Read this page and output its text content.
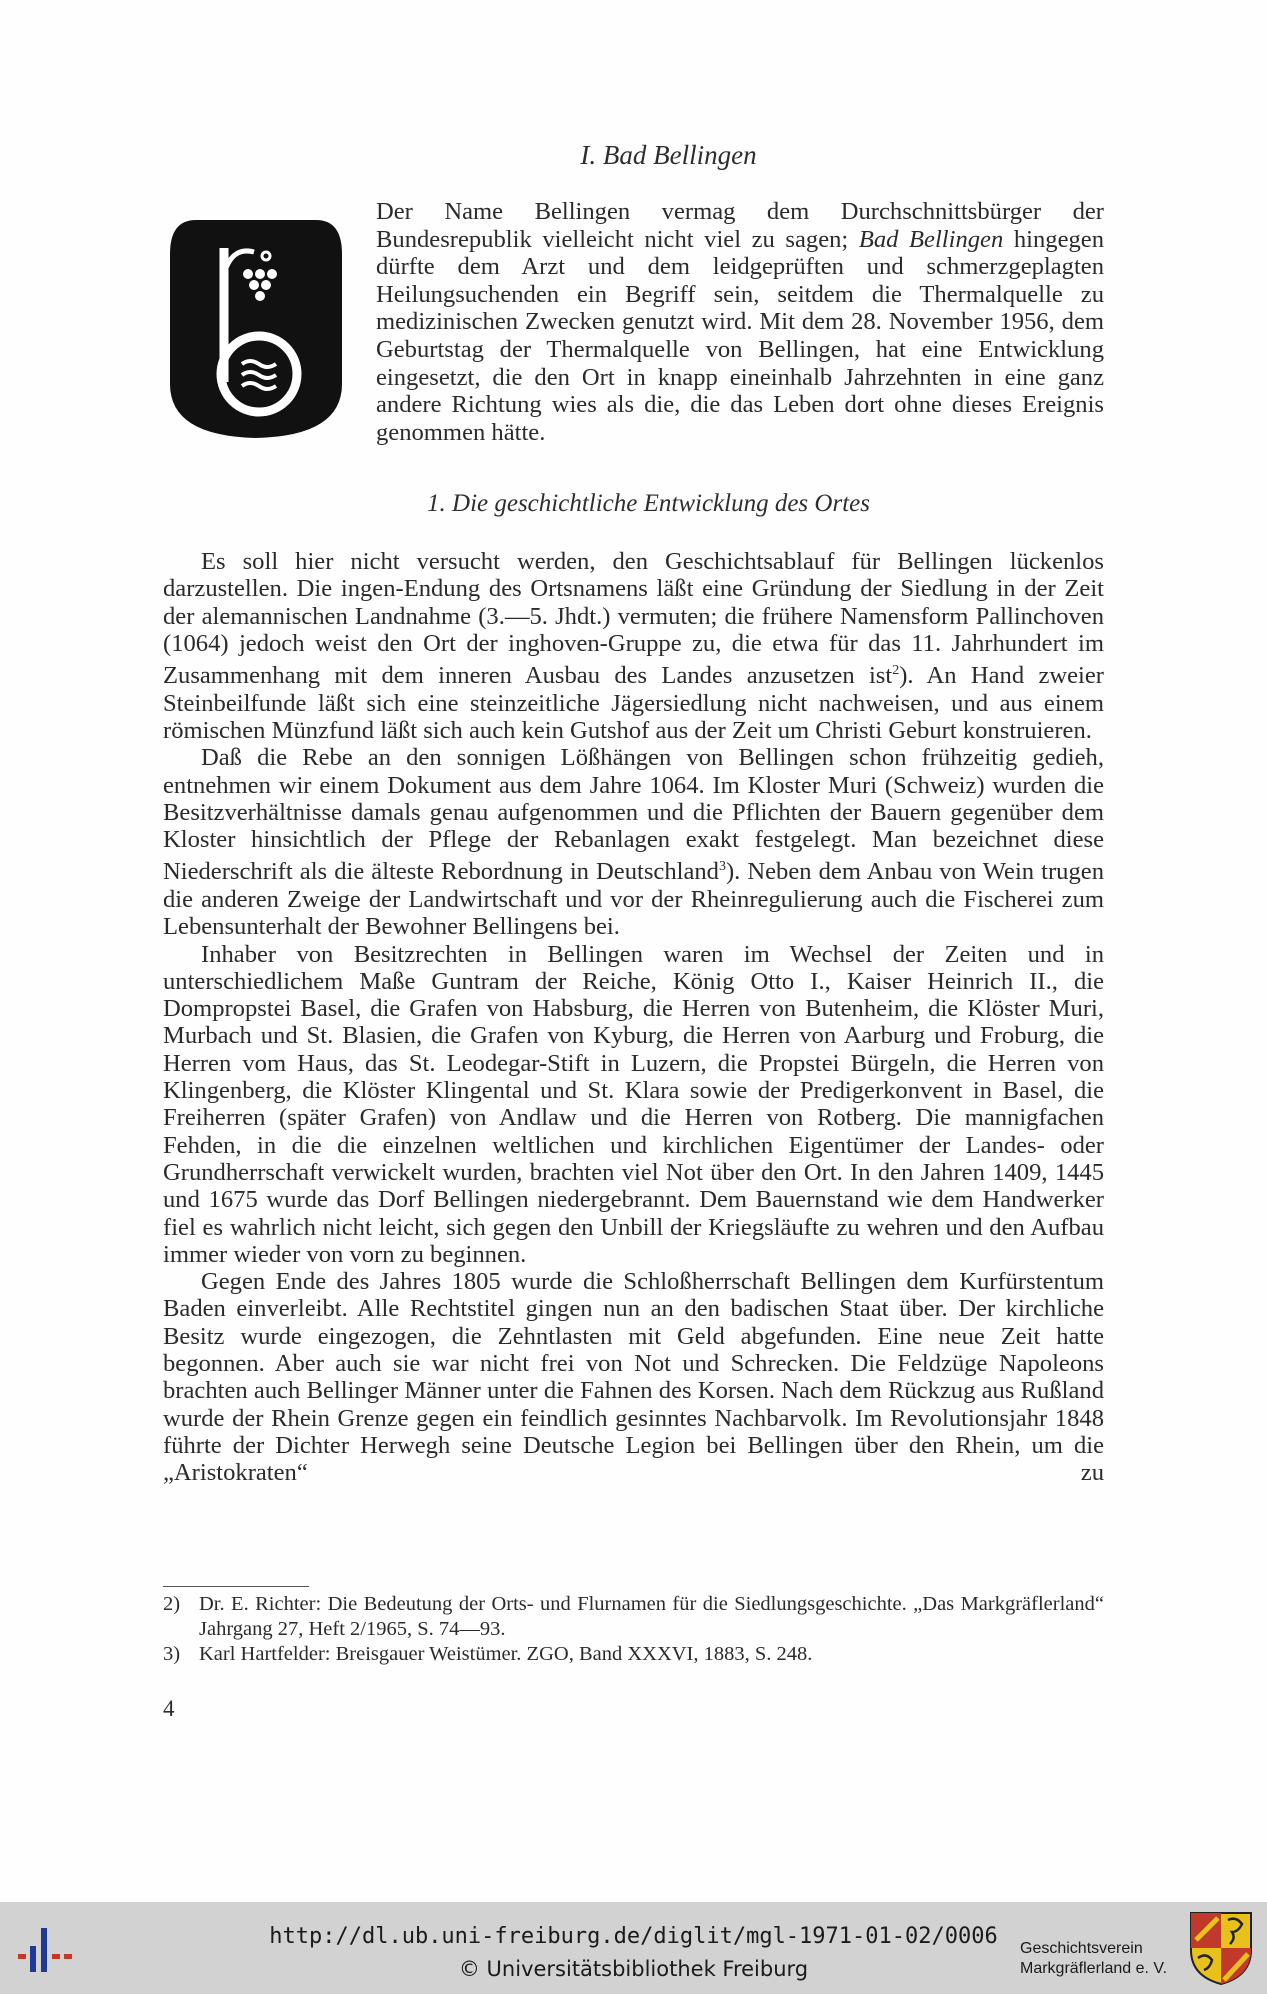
I. Bad Bellingen
Der Name Bellingen vermag dem Durchschnittsbürger der Bundesrepublik vielleicht nicht viel zu sagen; Bad Bellingen hingegen dürfte dem Arzt und dem leidgeprüften und schmerzgeplagten Heilungsuchenden ein Begriff sein, seitdem die Thermalquelle zu medizinischen Zwecken genutzt wird. Mit dem 28. November 1956, dem Geburtstag der Thermalquelle von Bellingen, hat eine Entwicklung eingesetzt, die den Ort in knapp eineinhalb Jahrzehnten in eine ganz andere Richtung wies als die, die das Leben dort ohne dieses Ereignis genommen hätte.
1. Die geschichtliche Entwicklung des Ortes

Es soll hier nicht versucht werden, den Geschichtsablauf für Bellingen lückenlos darzustellen. Die ingen-Endung des Ortsnamens läßt eine Gründung der Siedlung in der Zeit der alemannischen Landnahme (3.—5. Jhdt.) vermuten; die frühere Namensform Pallinchoven (1064) jedoch weist den Ort der inghoven-Gruppe zu, die etwa für das 11. Jahrhundert im Zusammenhang mit dem inneren Ausbau des Landes anzusetzen ist$^2$). An Hand zweier Steinbeilfunde läßt sich eine steinzeitliche Jägersiedlung nicht nachweisen, und aus einem römischen Münzfund läßt sich auch kein Gutshof aus der Zeit um Christi Geburt konstruieren.

Daß die Rebe an den sonnigen Lößhängen von Bellingen schon frühzeitig gedieh, entnehmen wir einem Dokument aus dem Jahre 1064. Im Kloster Muri (Schweiz) wurden die Besitzverhältnisse damals genau aufgenommen und die Pflichten der Bauern gegenüber dem Kloster hinsichtlich der Pflege der Rebanlagen exakt festgelegt. Man bezeichnet diese Niederschrift als die älteste Rebordnung in Deutschland$^3$). Neben dem Anbau von Wein trugen die anderen Zweige der Landwirtschaft und vor der Rheinregulierung auch die Fischerei zum Lebensunterhalt der Bewohner Bellingens bei.

Inhaber von Besitzrechten in Bellingen waren im Wechsel der Zeiten und in unterschiedlichem Maße Guntram der Reiche, König Otto I., Kaiser Heinrich II., die Dompropstei Basel, die Grafen von Habsburg, die Herren von Butenheim, die Klöster Muri, Murbach und St. Blasien, die Grafen von Kyburg, die Herren von Aarburg und Froburg, die Herren vom Haus, das St. Leodegar-Stift in Luzern, die Propstei Bürgeln, die Herren von Klingenberg, die Klöster Klingental und St. Klara sowie der Predigerkonvent in Basel, die Freiherren (später Grafen) von Andlaw und die Herren von Rotberg. Die mannigfachen Fehden, in die die einzelnen weltlichen und kirchlichen Eigentümer der Landes- oder Grundherrschaft verwickelt wurden, brachten viel Not über den Ort. In den Jahren 1409, 1445 und 1675 wurde das Dorf Bellingen niedergebrannt. Dem Bauernstand wie dem Handwerker fiel es wahrlich nicht leicht, sich gegen den Unbill der Kriegsläufte zu wehren und den Aufbau immer wieder von vorn zu beginnen.

Gegen Ende des Jahres 1805 wurde die Schloßherrschaft Bellingen dem Kurfürstentum Baden einverleibt. Alle Rechtstitel gingen nun an den badischen Staat über. Der kirchliche Besitz wurde eingezogen, die Zehntlasten mit Geld abgefunden. Eine neue Zeit hatte begonnen. Aber auch sie war nicht frei von Not und Schrecken. Die Feldzüge Napoleons brachten auch Bellinger Männer unter die Fahnen des Korsen. Nach dem Rückzug aus Rußland wurde der Rhein Grenze gegen ein feindlich gesinntes Nachbarvolk. Im Revolutionsjahr 1848 führte der Dichter Herwegh seine Deutsche Legion bei Bellingen über den Rhein, um die „Aristokraten“ zu

2) Dr. E. Richter: Die Bedeutung der Orts- und Flurnamen für die Siedlungsgeschichte. „Das Markgräflerland“ Jahrgang 27, Heft 2/1965, S. 74—93.
3) Karl Hartfelder: Breisgauer Weistümer. ZGO, Band XXXVI, 1883, S. 248.
4
http://dl.ub.uni-freiburg.de/diglit/mgl-1971-01-02/0006
© Universitätsbibliothek Freiburg
Geschichtsverein
Markgräflerland e. V.
